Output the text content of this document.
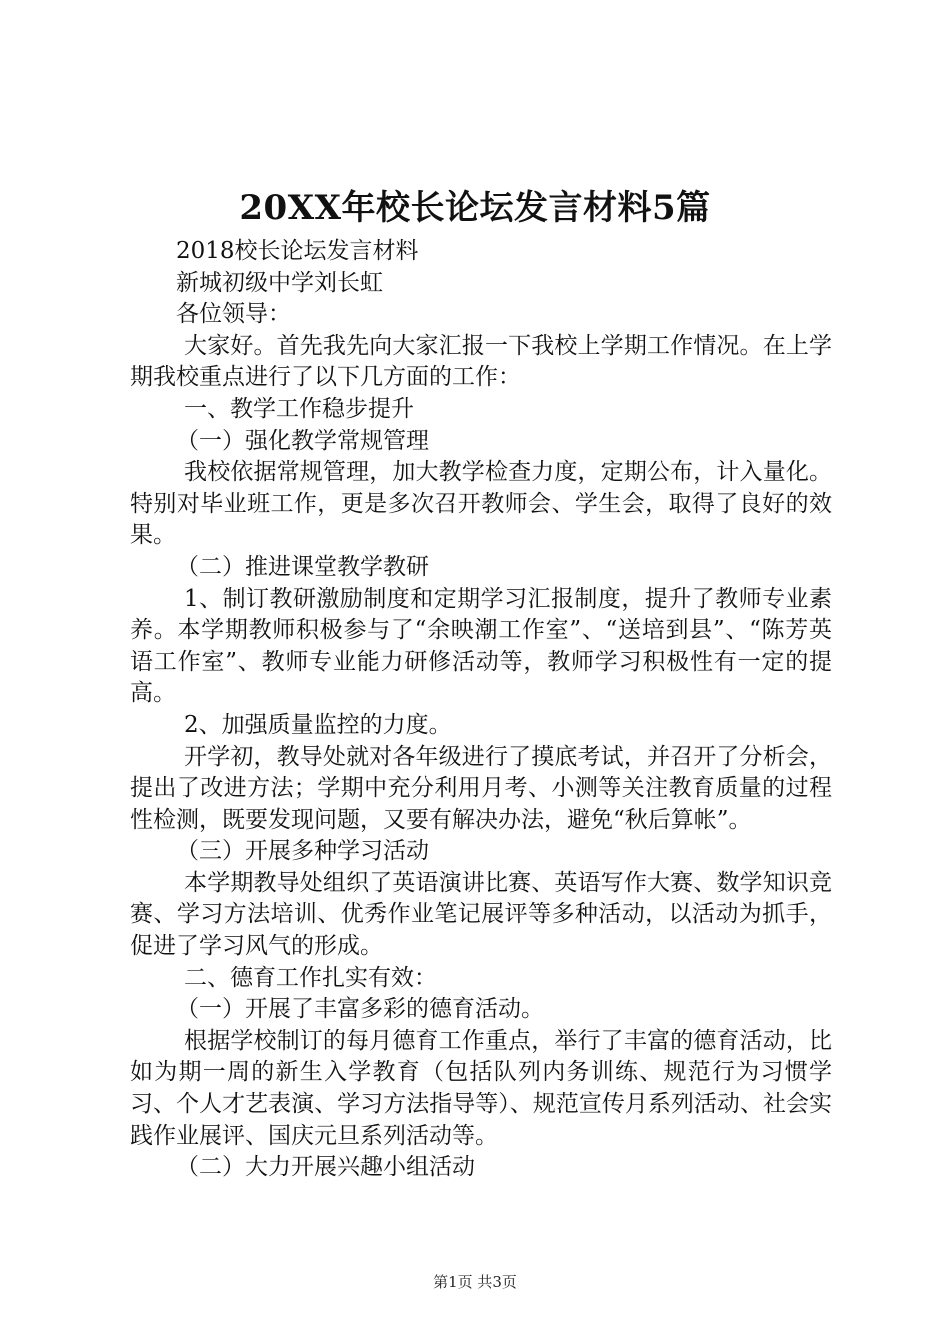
20XX年校长论坛发言材料5篇

2018校长论坛发言材料

新城初级中学刘长虹

各位领导：

大家好。首先我先向大家汇报一下我校上学期工作情况。在上学期我校重点进行了以下几方面的工作：

一、教学工作稳步提升

（一）强化教学常规管理

我校依据常规管理，加大教学检查力度，定期公布，计入量化。特别对毕业班工作，更是多次召开教师会、学生会，取得了良好的效果。

（二）推进课堂教学教研

1、制订教研激励制度和定期学习汇报制度，提升了教师专业素养。本学期教师积极参与了“余映潮工作室”、“送培到县”、“陈芳英语工作室”、教师专业能力研修活动等，教师学习积极性有一定的提高。

2、加强质量监控的力度。

开学初，教导处就对各年级进行了摸底考试，并召开了分析会，提出了改进方法；学期中充分利用月考、小测等关注教育质量的过程性检测，既要发现问题，又要有解决办法，避免“秋后算帐”。

（三）开展多种学习活动

本学期教导处组织了英语演讲比赛、英语写作大赛、数学知识竞赛、学习方法培训、优秀作业笔记展评等多种活动，以活动为抓手，促进了学习风气的形成。

二、德育工作扎实有效：

（一）开展了丰富多彩的德育活动。

根据学校制订的每月德育工作重点，举行了丰富的德育活动，比如为期一周的新生入学教育（包括队列内务训练、规范行为习惯学习、个人才艺表演、学习方法指导等）、规范宣传月系列活动、社会实践作业展评、国庆元旦系列活动等。

（二）大力开展兴趣小组活动

第1页 共3页
